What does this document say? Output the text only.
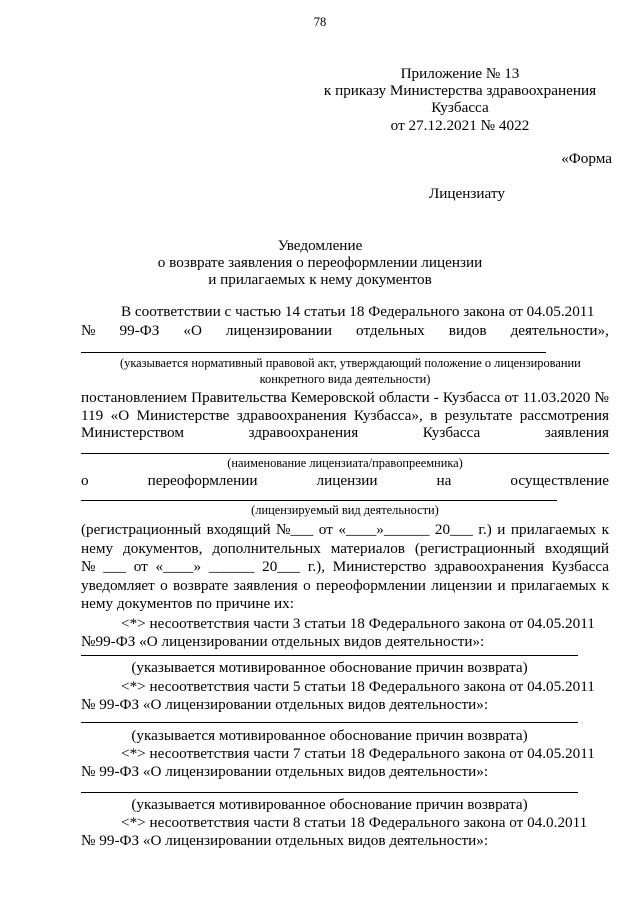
78
Приложение № 13
к приказу Министерства здравоохранения
Кузбасса
от 27.12.2021 № 4022
«Форма
Лицензиату
Уведомление
о возврате заявления о переоформлении лицензии
и прилагаемых к нему документов
В соответствии с частью 14 статьи 18 Федерального закона от 04.05.2011
№ 99-ФЗ «О лицензировании отдельных видов деятельности»,
(указывается нормативный правовой акт, утверждающий положение о лицензировании
конкретного вида деятельности)
постановлением Правительства Кемеровской области - Кузбасса от 11.03.2020 №
119 «О Министерстве здравоохранения Кузбасса», в результате рассмотрения
Министерством	здравоохранения	Кузбасса	заявления
(наименование лицензиата/правопреемника)
о	переоформлении	лицензии	на	осуществление
(лицензируемый вид деятельности)
(регистрационный входящий №___ от «____»______ 20___ г.) и прилагаемых к
нему документов, дополнительных материалов (регистрационный входящий
№ ___ от «____» ______ 20___ г.), Министерство здравоохранения Кузбасса
уведомляет о возврате заявления о переоформлении лицензии и прилагаемых к
нему документов по причине их:
<*> несоответствия части 3 статьи 18 Федерального закона от 04.05.2011
№99-ФЗ «О лицензировании отдельных видов деятельности»:
(указывается мотивированное обоснование причин возврата)
<*> несоответствия части 5 статьи 18 Федерального закона от 04.05.2011
№ 99-ФЗ «О лицензировании отдельных видов деятельности»:
(указывается мотивированное обоснование причин возврата)
<*> несоответствия части 7 статьи 18 Федерального закона от 04.05.2011
№ 99-ФЗ «О лицензировании отдельных видов деятельности»:
(указывается мотивированное обоснование причин возврата)
<*> несоответствия части 8 статьи 18 Федерального закона от 04.0.2011
№ 99-ФЗ «О лицензировании отдельных видов деятельности»:
